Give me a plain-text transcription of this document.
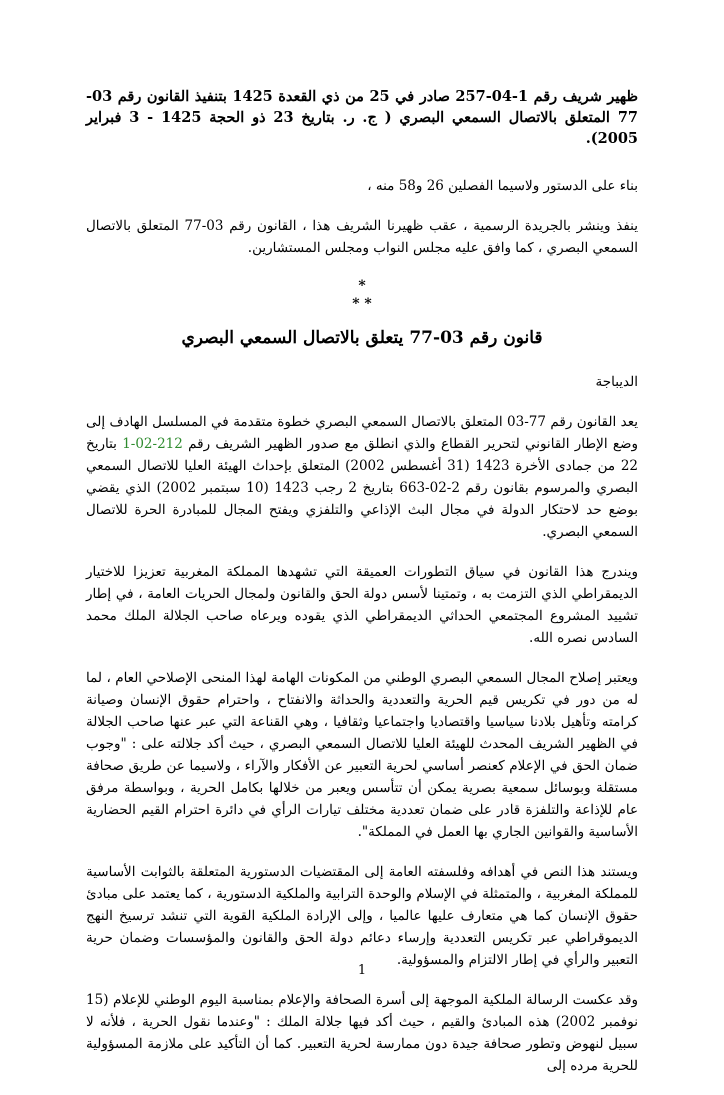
ظهير شريف رقم 1-04-257 صادر في 25 من ذي القعدة 1425 بتنفيذ القانون رقم 03-77 المتعلق بالاتصال السمعي البصري ( ج. ر. بتاريخ 23 ذو الحجة 1425 - 3 فبراير 2005).

بناء على الدستور ولاسيما الفصلين 26 و58 منه ،

ينفذ وينشر بالجريدة الرسمية ، عقب ظهيرنا الشريف هذا ، القانون رقم 03-77 المتعلق بالاتصال السمعي البصري ، كما وافق عليه مجلس النواب ومجلس المستشارين.

*
* *
قانون رقم 03-77 يتعلق بالاتصال السمعي البصري
الديباجة

يعد القانون رقم 77-03 المتعلق بالاتصال السمعي البصري خطوة متقدمة في المسلسل الهادف إلى وضع الإطار القانوني لتحرير القطاع والذي انطلق مع صدور الظهير الشريف رقم 212-02-1 بتاريخ 22 من جمادى الأخرة 1423 (31 أغسطس 2002) المتعلق بإحداث الهيئة العليا للاتصال السمعي البصري والمرسوم بقانون رقم 2-02-663 بتاريخ 2 رجب 1423 (10 سبتمبر 2002) الذي يقضي بوضع حد لاحتكار الدولة في مجال البث الإذاعي والتلفزي ويفتح المجال للمبادرة الحرة للاتصال السمعي البصري.

ويندرج هذا القانون في سياق التطورات العميقة التي تشهدها المملكة المغربية تعزيزا للاختيار الديمقراطي الذي التزمت به ، وتمتينا لأسس دولة الحق والقانون ولمجال الحريات العامة ، في إطار تشييد المشروع المجتمعي الحداثي الديمقراطي الذي يقوده ويرعاه صاحب الجلالة الملك محمد السادس نصره الله.

ويعتبر إصلاح المجال السمعي البصري الوطني من المكونات الهامة لهذا المنحى الإصلاحي العام ، لما له من دور في تكريس قيم الحرية والتعددية والحداثة والانفتاح ، واحترام حقوق الإنسان وصيانة كرامته وتأهيل بلادنا سياسيا واقتصاديا واجتماعيا وثقافيا ، وهي القناعة التي عبر عنها صاحب الجلالة في الظهير الشريف المحدث للهيئة العليا للاتصال السمعي البصري ، حيث أكد جلالته على : "وجوب ضمان الحق في الإعلام كعنصر أساسي لحرية التعبير عن الأفكار والآراء ، ولاسيما عن طريق صحافة مستقلة وبوسائل سمعية بصرية يمكن أن تتأسس ويعبر من خلالها بكامل الحرية ، وبواسطة مرفق عام للإذاعة والتلفزة قادر على ضمان تعددية مختلف تيارات الرأي في دائرة احترام القيم الحضارية الأساسية والقوانين الجاري بها العمل في المملكة".

ويستند هذا النص في أهدافه وفلسفته العامة إلى المقتضيات الدستورية المتعلقة بالثوابت الأساسية للمملكة المغربية ، والمتمثلة في الإسلام والوحدة الترابية والملكية الدستورية ، كما يعتمد على مبادئ حقوق الإنسان كما هي متعارف عليها عالميا ، وإلى الإرادة الملكية القوية التي تنشد ترسيخ النهج الديموقراطي عبر تكريس التعددية وإرساء دعائم دولة الحق والقانون والمؤسسات وضمان حرية التعبير والرأي في إطار الالتزام والمسؤولية.

وقد عكست الرسالة الملكية الموجهة إلى أسرة الصحافة والإعلام بمناسبة اليوم الوطني للإعلام (15 نوفمبر 2002) هذه المبادئ والقيم ، حيث أكد فيها جلالة الملك : "وعندما نقول الحرية ، فلأنه لا سبيل لنهوض وتطور صحافة جيدة دون ممارسة لحرية التعبير. كما أن التأكيد على ملازمة المسؤولية للحرية مرده إلى

1
